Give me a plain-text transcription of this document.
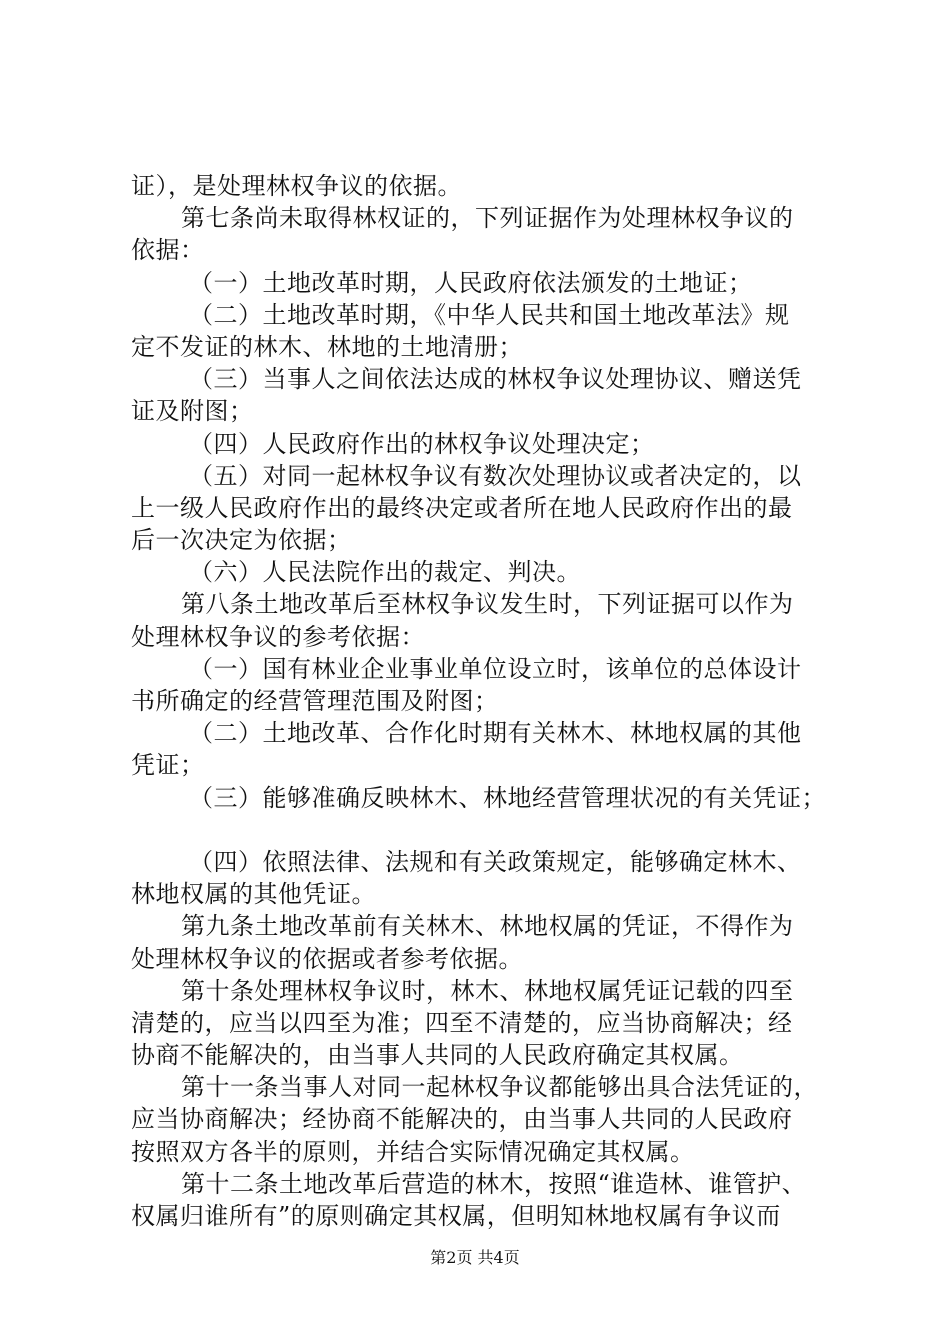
证），是处理林权争议的依据。
第七条尚未取得林权证的，下列证据作为处理林权争议的
依据：
（一）土地改革时期，人民政府依法颁发的土地证；
（二）土地改革时期，《中华人民共和国土地改革法》规
定不发证的林木、林地的土地清册；
（三）当事人之间依法达成的林权争议处理协议、赠送凭
证及附图；
（四）人民政府作出的林权争议处理决定；
（五）对同一起林权争议有数次处理协议或者决定的，以
上一级人民政府作出的最终决定或者所在地人民政府作出的最
后一次决定为依据；
（六）人民法院作出的裁定、判决。
第八条土地改革后至林权争议发生时，下列证据可以作为
处理林权争议的参考依据：
（一）国有林业企业事业单位设立时，该单位的总体设计
书所确定的经营管理范围及附图；
（二）土地改革、合作化时期有关林木、林地权属的其他
凭证；
（三）能够准确反映林木、林地经营管理状况的有关凭证；
（四）依照法律、法规和有关政策规定，能够确定林木、
林地权属的其他凭证。
第九条土地改革前有关林木、林地权属的凭证，不得作为
处理林权争议的依据或者参考依据。
第十条处理林权争议时，林木、林地权属凭证记载的四至
清楚的，应当以四至为准；四至不清楚的，应当协商解决；经
协商不能解决的，由当事人共同的人民政府确定其权属。
第十一条当事人对同一起林权争议都能够出具合法凭证的，
应当协商解决；经协商不能解决的，由当事人共同的人民政府
按照双方各半的原则，并结合实际情况确定其权属。
第十二条土地改革后营造的林木，按照“谁造林、谁管护、
权属归谁所有”的原则确定其权属，但明知林地权属有争议而
第2页 共4页
